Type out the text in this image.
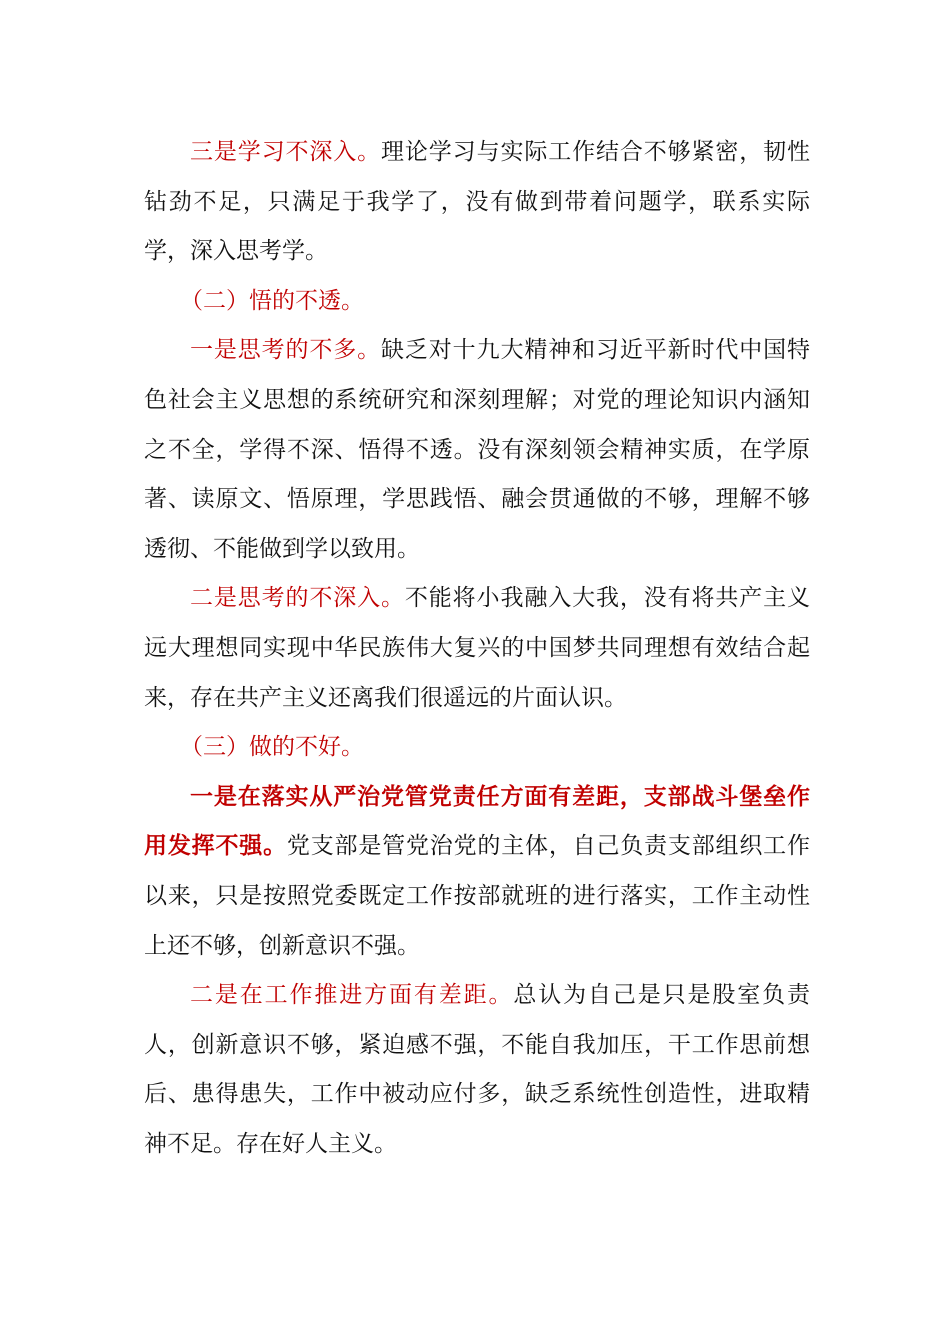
三是学习不深入。理论学习与实际工作结合不够紧密，韧性钻劲不足，只满足于我学了，没有做到带着问题学，联系实际学，深入思考学。

（二）悟的不透。

一是思考的不多。缺乏对十九大精神和习近平新时代中国特色社会主义思想的系统研究和深刻理解；对党的理论知识内涵知之不全，学得不深、悟得不透。没有深刻领会精神实质，在学原著、读原文、悟原理，学思践悟、融会贯通做的不够，理解不够透彻、不能做到学以致用。

二是思考的不深入。不能将小我融入大我，没有将共产主义远大理想同实现中华民族伟大复兴的中国梦共同理想有效结合起来，存在共产主义还离我们很遥远的片面认识。

（三）做的不好。

一是在落实从严治党管党责任方面有差距，支部战斗堡垒作用发挥不强。党支部是管党治党的主体，自己负责支部组织工作以来，只是按照党委既定工作按部就班的进行落实，工作主动性上还不够，创新意识不强。

二是在工作推进方面有差距。总认为自己是只是股室负责人，创新意识不够，紧迫感不强，不能自我加压，干工作思前想后、患得患失，工作中被动应付多，缺乏系统性创造性，进取精神不足。存在好人主义。
